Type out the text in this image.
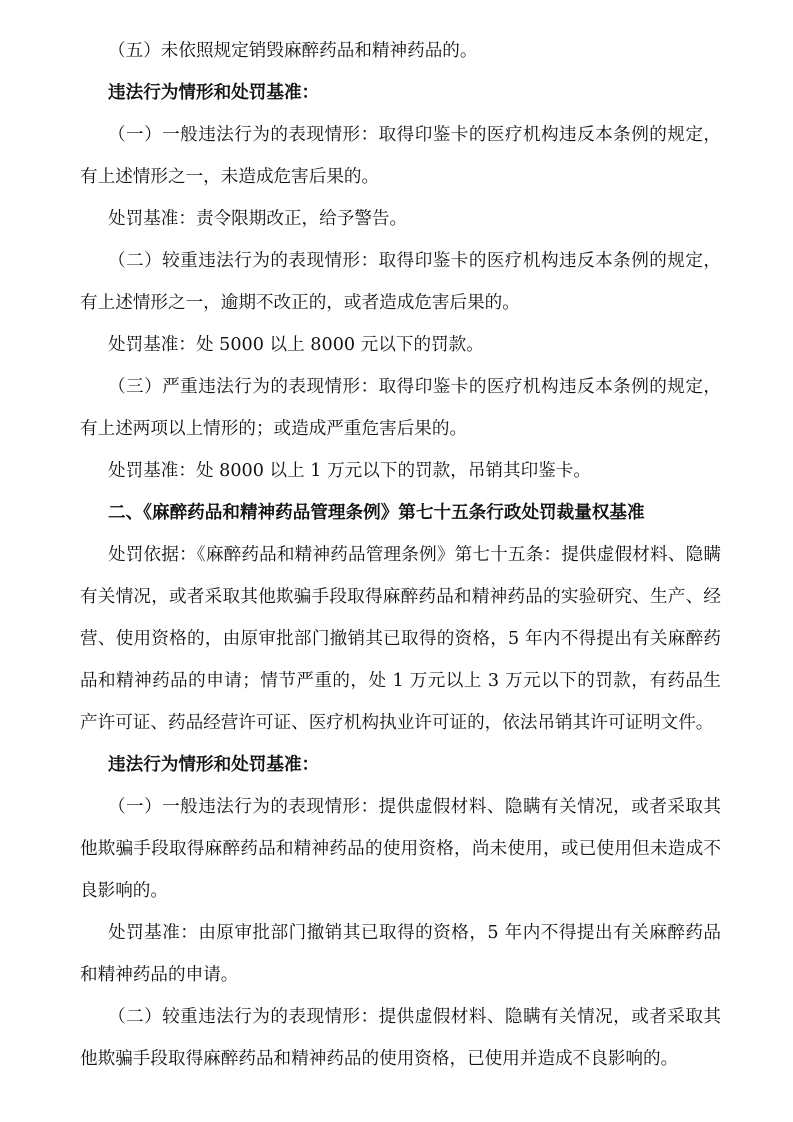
（五）未依照规定销毁麻醉药品和精神药品的。

违法行为情形和处罚基准：

（一）一般违法行为的表现情形：取得印鉴卡的医疗机构违反本条例的规定，有上述情形之一，未造成危害后果的。

处罚基准：责令限期改正，给予警告。

（二）较重违法行为的表现情形：取得印鉴卡的医疗机构违反本条例的规定，有上述情形之一，逾期不改正的，或者造成危害后果的。

处罚基准：处 5000 以上 8000 元以下的罚款。

（三）严重违法行为的表现情形：取得印鉴卡的医疗机构违反本条例的规定，有上述两项以上情形的；或造成严重危害后果的。

处罚基准：处 8000 以上 1 万元以下的罚款，吊销其印鉴卡。

二、《麻醉药品和精神药品管理条例》第七十五条行政处罚裁量权基准

处罚依据：《麻醉药品和精神药品管理条例》第七十五条：提供虚假材料、隐瞒有关情况，或者采取其他欺骗手段取得麻醉药品和精神药品的实验研究、生产、经营、使用资格的，由原审批部门撤销其已取得的资格，5 年内不得提出有关麻醉药品和精神药品的申请；情节严重的，处 1 万元以上 3 万元以下的罚款，有药品生产许可证、药品经营许可证、医疗机构执业许可证的，依法吊销其许可证明文件。

违法行为情形和处罚基准：

（一）一般违法行为的表现情形：提供虚假材料、隐瞒有关情况，或者采取其他欺骗手段取得麻醉药品和精神药品的使用资格，尚未使用，或已使用但未造成不良影响的。

处罚基准：由原审批部门撤销其已取得的资格，5 年内不得提出有关麻醉药品和精神药品的申请。

（二）较重违法行为的表现情形：提供虚假材料、隐瞒有关情况，或者采取其他欺骗手段取得麻醉药品和精神药品的使用资格，已使用并造成不良影响的。
